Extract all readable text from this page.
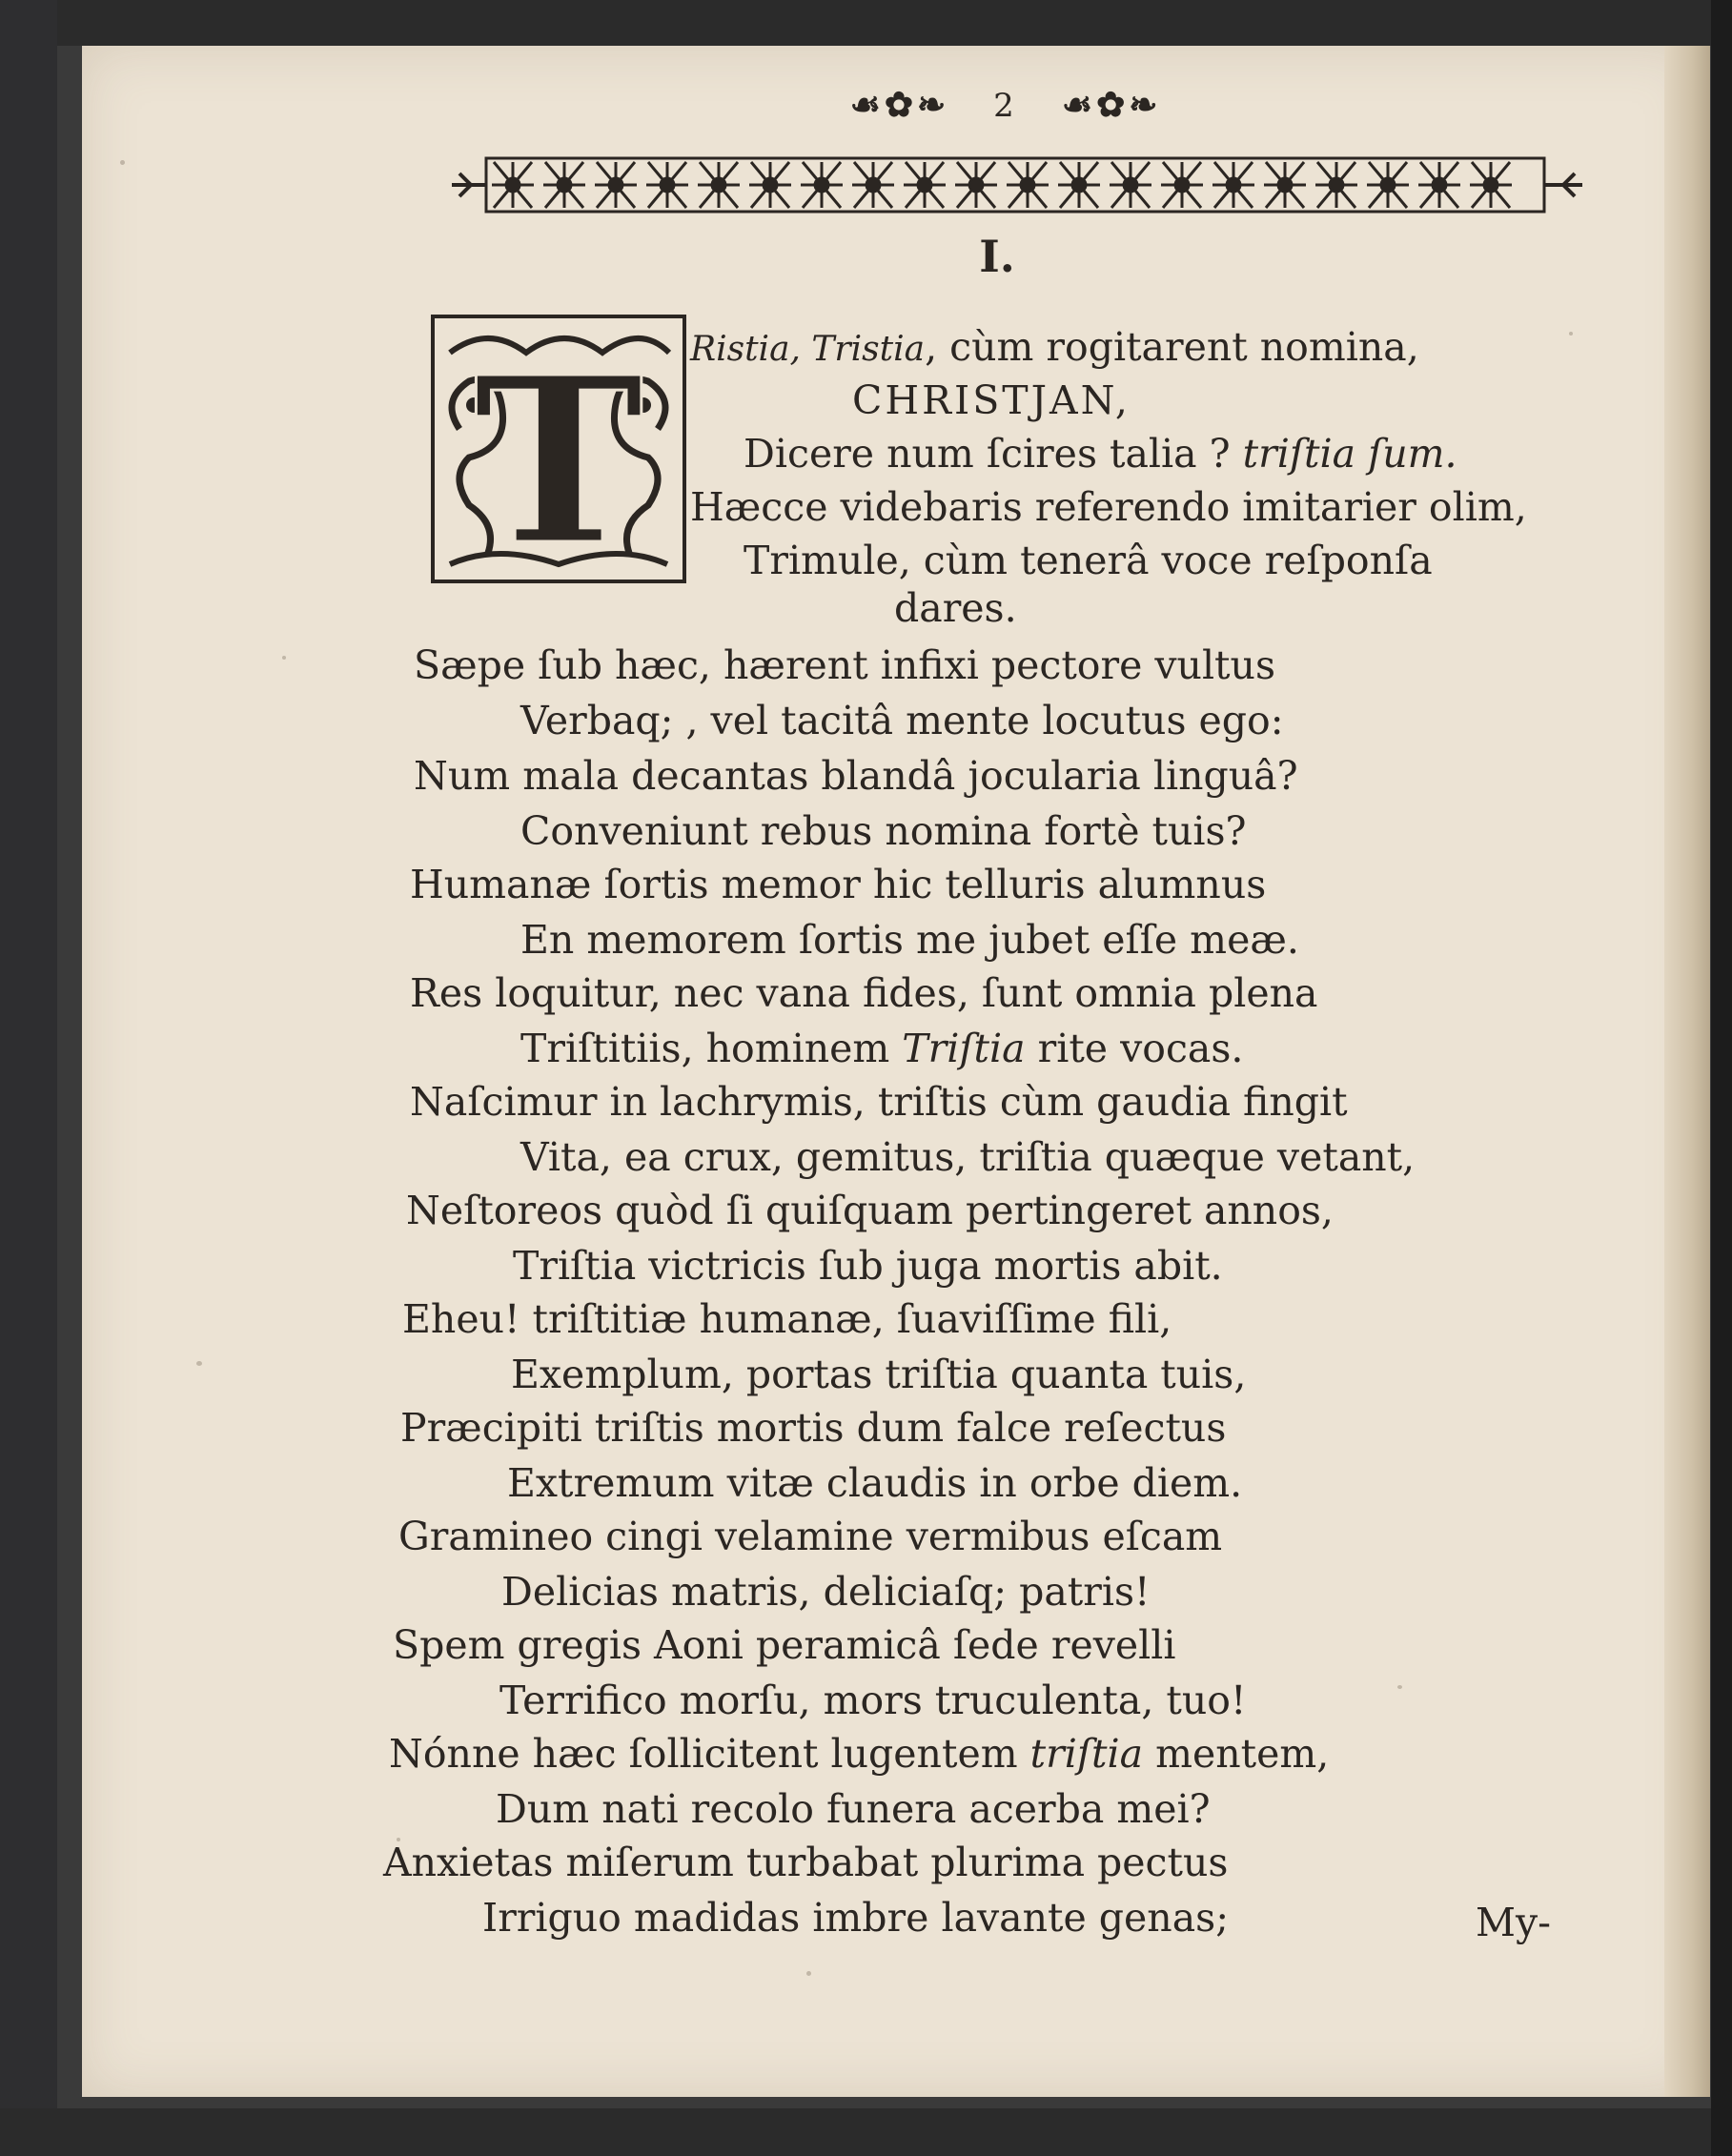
☙✿❧ 2 ☙✿❧
I.
T Ristia, Tristia, cùm rogitarent nomina,
CHRISTJAN,
Dicere num ſcires talia ? triſtia ſum.
Hæcce videbaris referendo imitarier olim,
Trimule, cùm tenerâ voce reſponſa
dares.
Sæpe ſub hæc, hærent infixi pectore vultus
Verbaq; , vel tacitâ mente locutus ego:
Num mala decantas blandâ jocularia linguâ?
Conveniunt rebus nomina fortè tuis?
Humanæ ſortis memor hic telluris alumnus
En memorem ſortis me jubet eſſe meæ.
Res loquitur, nec vana fides, ſunt omnia plena
Triſtitiis, hominem Triſtia rite vocas.
Naſcimur in lachrymis, triſtis cùm gaudia fingit
Vita, ea crux, gemitus, triſtia quæque vetant,
Neſtoreos quòd ſi quiſquam pertingeret annos,
Triſtia victricis ſub juga mortis abit.
Eheu! triſtitiæ humanæ, ſuaviſſime fili,
Exemplum, portas triſtia quanta tuis,
Præcipiti triſtis mortis dum falce reſectus
Extremum vitæ claudis in orbe diem.
Gramineo cingi velamine vermibus eſcam
Delicias matris, deliciaſq; patris!
Spem gregis Aoni peramicâ ſede revelli
Terrifico morſu, mors truculenta, tuo!
Nónne hæc ſollicitent lugentem triſtia mentem,
Dum nati recolo funera acerba mei?
Anxietas miſerum turbabat plurima pectus
Irriguo madidas imbre lavante genas;	My-
